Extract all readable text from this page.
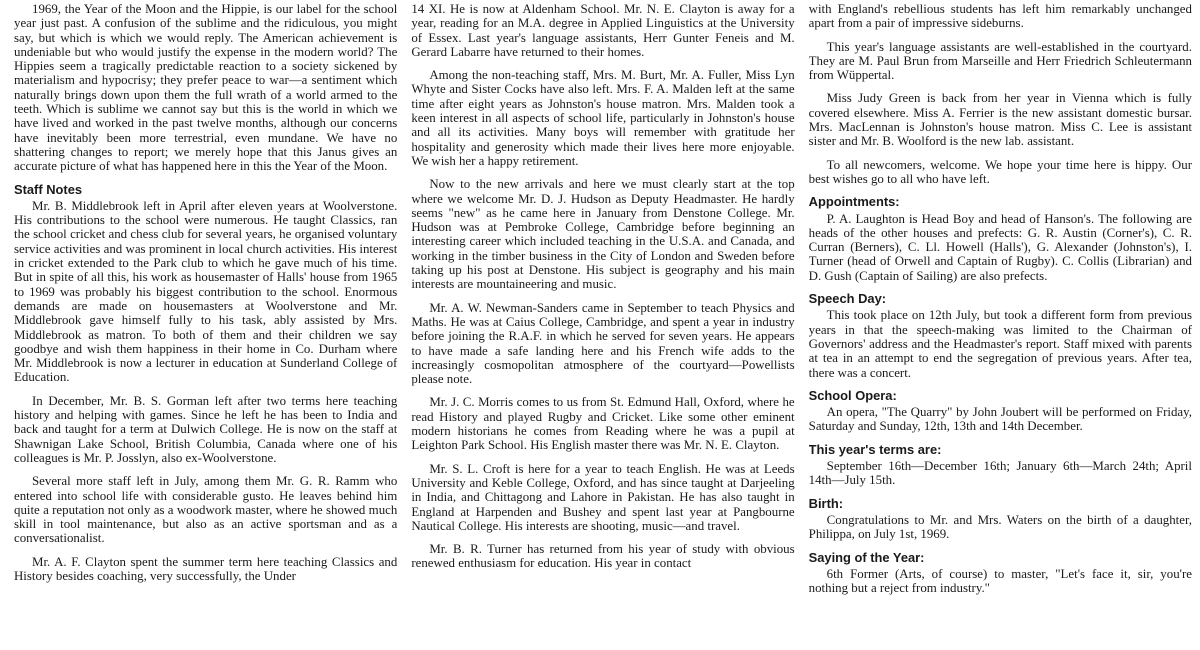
1969, the Year of the Moon and the Hippie, is our label for the school year just past. A confusion of the sublime and the ridiculous, you might say, but which is which we would reply. The American achievement is undeniable but who would justify the expense in the modern world? The Hippies seem a tragically predictable reaction to a society sickened by materialism and hypocrisy; they prefer peace to war—a sentiment which naturally brings down upon them the full wrath of a world armed to the teeth. Which is sublime we cannot say but this is the world in which we have lived and worked in the past twelve months, although our concerns have inevitably been more terrestrial, even mundane. We have no shattering changes to report; we merely hope that this Janus gives an accurate picture of what has happened here in this the Year of the Moon.

Staff Notes

Mr. B. Middlebrook left in April after eleven years at Woolverstone. His contributions to the school were numerous. He taught Classics, ran the school cricket and chess club for several years, he organised voluntary service activities and was prominent in local church activities. His interest in cricket extended to the Park club to which he gave much of his time. But in spite of all this, his work as housemaster of Halls' house from 1965 to 1969 was probably his biggest contribution to the school. Enormous demands are made on housemasters at Woolverstone and Mr. Middlebrook gave himself fully to his task, ably assisted by Mrs. Middlebrook as matron. To both of them and their children we say goodbye and wish them happiness in their home in Co. Durham where Mr. Middlebrook is now a lecturer in education at Sunderland College of Education.

In December, Mr. B. S. Gorman left after two terms here teaching history and helping with games. Since he left he has been to India and back and taught for a term at Dulwich College. He is now on the staff at Shawnigan Lake School, British Columbia, Canada where one of his colleagues is Mr. P. Josslyn, also ex-Woolverstone.

Several more staff left in July, among them Mr. G. R. Ramm who entered into school life with considerable gusto. He leaves behind him quite a reputation not only as a woodwork master, where he showed much skill in tool maintenance, but also as an active sportsman and as a conversationalist.

Mr. A. F. Clayton spent the summer term here teaching Classics and History besides coaching, very successfully, the Under

14 XI. He is now at Aldenham School. Mr. N. E. Clayton is away for a year, reading for an M.A. degree in Applied Linguistics at the University of Essex. Last year's language assistants, Herr Gunter Feneis and M. Gerard Labarre have returned to their homes.

Among the non-teaching staff, Mrs. M. Burt, Mr. A. Fuller, Miss Lyn Whyte and Sister Cocks have also left. Mrs. F. A. Malden left at the same time after eight years as Johnston's house matron. Mrs. Malden took a keen interest in all aspects of school life, particularly in Johnston's house and all its activities. Many boys will remember with gratitude her hospitality and generosity which made their lives here more enjoyable. We wish her a happy retirement.

Now to the new arrivals and here we must clearly start at the top where we welcome Mr. D. J. Hudson as Deputy Headmaster. He hardly seems "new" as he came here in January from Denstone College. Mr. Hudson was at Pembroke College, Cambridge before beginning an interesting career which included teaching in the U.S.A. and Canada, and working in the timber business in the City of London and Sweden before taking up his post at Denstone. His subject is geography and his main interests are mountaineering and music.

Mr. A. W. Newman-Sanders came in September to teach Physics and Maths. He was at Caius College, Cambridge, and spent a year in industry before joining the R.A.F. in which he served for seven years. He appears to have made a safe landing here and his French wife adds to the increasingly cosmopolitan atmosphere of the courtyard—Powellists please note.

Mr. J. C. Morris comes to us from St. Edmund Hall, Oxford, where he read History and played Rugby and Cricket. Like some other eminent modern historians he comes from Reading where he was a pupil at Leighton Park School. His English master there was Mr. N. E. Clayton.

Mr. S. L. Croft is here for a year to teach English. He was at Leeds University and Keble College, Oxford, and has since taught at Darjeeling in India, and Chittagong and Lahore in Pakistan. He has also taught in England at Harpenden and Bushey and spent last year at Pangbourne Nautical College. His interests are shooting, music—and travel.

Mr. B. R. Turner has returned from his year of study with obvious renewed enthusiasm for education. His year in contact

with England's rebellious students has left him remarkably unchanged apart from a pair of impressive sideburns.

This year's language assistants are well-established in the courtyard. They are M. Paul Brun from Marseille and Herr Friedrich Schleutermann from Wüppertal.

Miss Judy Green is back from her year in Vienna which is fully covered elsewhere. Miss A. Ferrier is the new assistant domestic bursar. Mrs. MacLennan is Johnston's house matron. Miss C. Lee is assistant sister and Mr. B. Woolford is the new lab. assistant.

To all newcomers, welcome. We hope your time here is hippy. Our best wishes go to all who have left.

Appointments:

P. A. Laughton is Head Boy and head of Hanson's. The following are heads of the other houses and prefects: G. R. Austin (Corner's), C. R. Curran (Berners), C. Ll. Howell (Halls'), G. Alexander (Johnston's), I. Turner (head of Orwell and Captain of Rugby). C. Collis (Librarian) and D. Gush (Captain of Sailing) are also prefects.

Speech Day:

This took place on 12th July, but took a different form from previous years in that the speech-making was limited to the Chairman of Governors' address and the Headmaster's report. Staff mixed with parents at tea in an attempt to end the segregation of previous years. After tea, there was a concert.

School Opera:

An opera, "The Quarry" by John Joubert will be performed on Friday, Saturday and Sunday, 12th, 13th and 14th December.

This year's terms are:

September 16th—December 16th; January 6th—March 24th; April 14th—July 15th.

Birth:

Congratulations to Mr. and Mrs. Waters on the birth of a daughter, Philippa, on July 1st, 1969.

Saying of the Year:

6th Former (Arts, of course) to master, "Let's face it, sir, you're nothing but a reject from industry."
